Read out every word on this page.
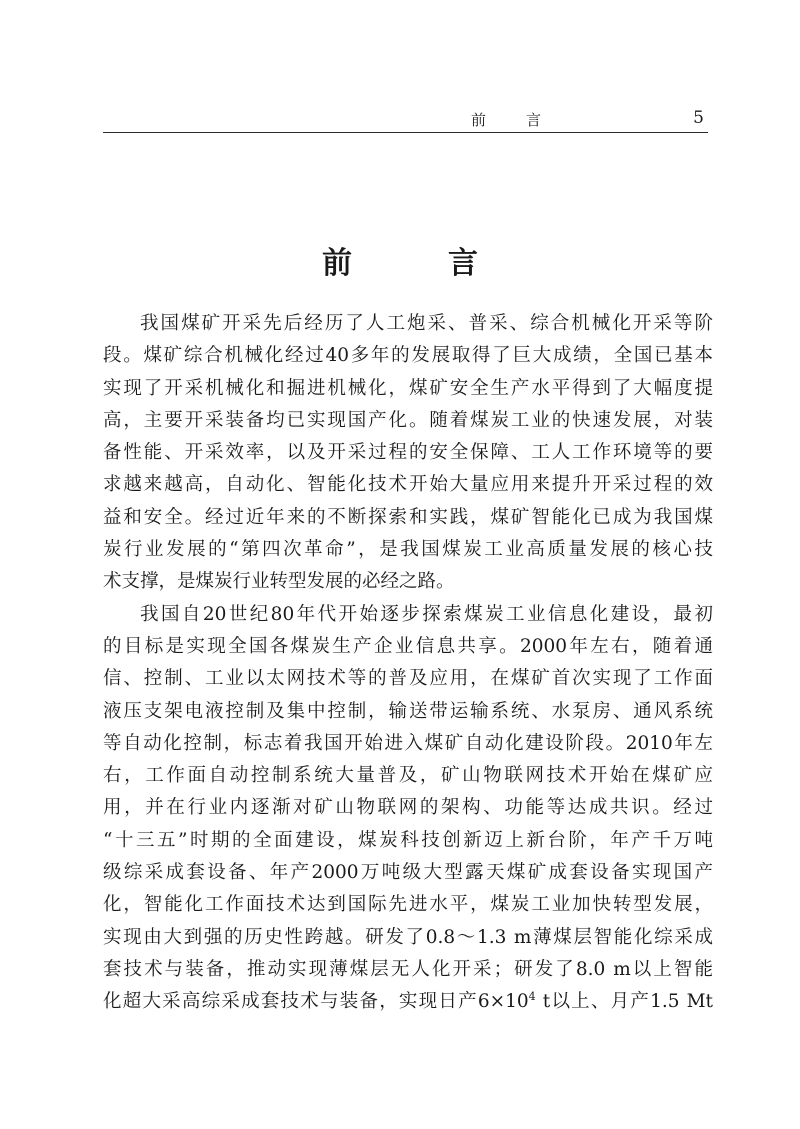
前言	5
前言
我国煤矿开采先后经历了人工炮采、普采、综合机械化开采等阶
段。煤矿综合机械化经过40多年的发展取得了巨大成绩，全国已基本
实现了开采机械化和掘进机械化，煤矿安全生产水平得到了大幅度提
高，主要开采装备均已实现国产化。随着煤炭工业的快速发展，对装
备性能、开采效率，以及开采过程的安全保障、工人工作环境等的要
求越来越高，自动化、智能化技术开始大量应用来提升开采过程的效
益和安全。经过近年来的不断探索和实践，煤矿智能化已成为我国煤
炭行业发展的“第四次革命”，是我国煤炭工业高质量发展的核心技
术支撑，是煤炭行业转型发展的必经之路。
我国自20世纪80年代开始逐步探索煤炭工业信息化建设，最初
的目标是实现全国各煤炭生产企业信息共享。2000年左右，随着通
信、控制、工业以太网技术等的普及应用，在煤矿首次实现了工作面
液压支架电液控制及集中控制，输送带运输系统、水泵房、通风系统
等自动化控制，标志着我国开始进入煤矿自动化建设阶段。2010年左
右，工作面自动控制系统大量普及，矿山物联网技术开始在煤矿应
用，并在行业内逐渐对矿山物联网的架构、功能等达成共识。经过
“十三五”时期的全面建设，煤炭科技创新迈上新台阶，年产千万吨
级综采成套设备、年产2000万吨级大型露天煤矿成套设备实现国产
化，智能化工作面技术达到国际先进水平，煤炭工业加快转型发展，
实现由大到强的历史性跨越。研发了0.8～1.3 m薄煤层智能化综采成
套技术与装备，推动实现薄煤层无人化开采；研发了8.0 m以上智能
化超大采高综采成套技术与装备，实现日产$6\times 10^4$ t以上、月产1.5 Mt
